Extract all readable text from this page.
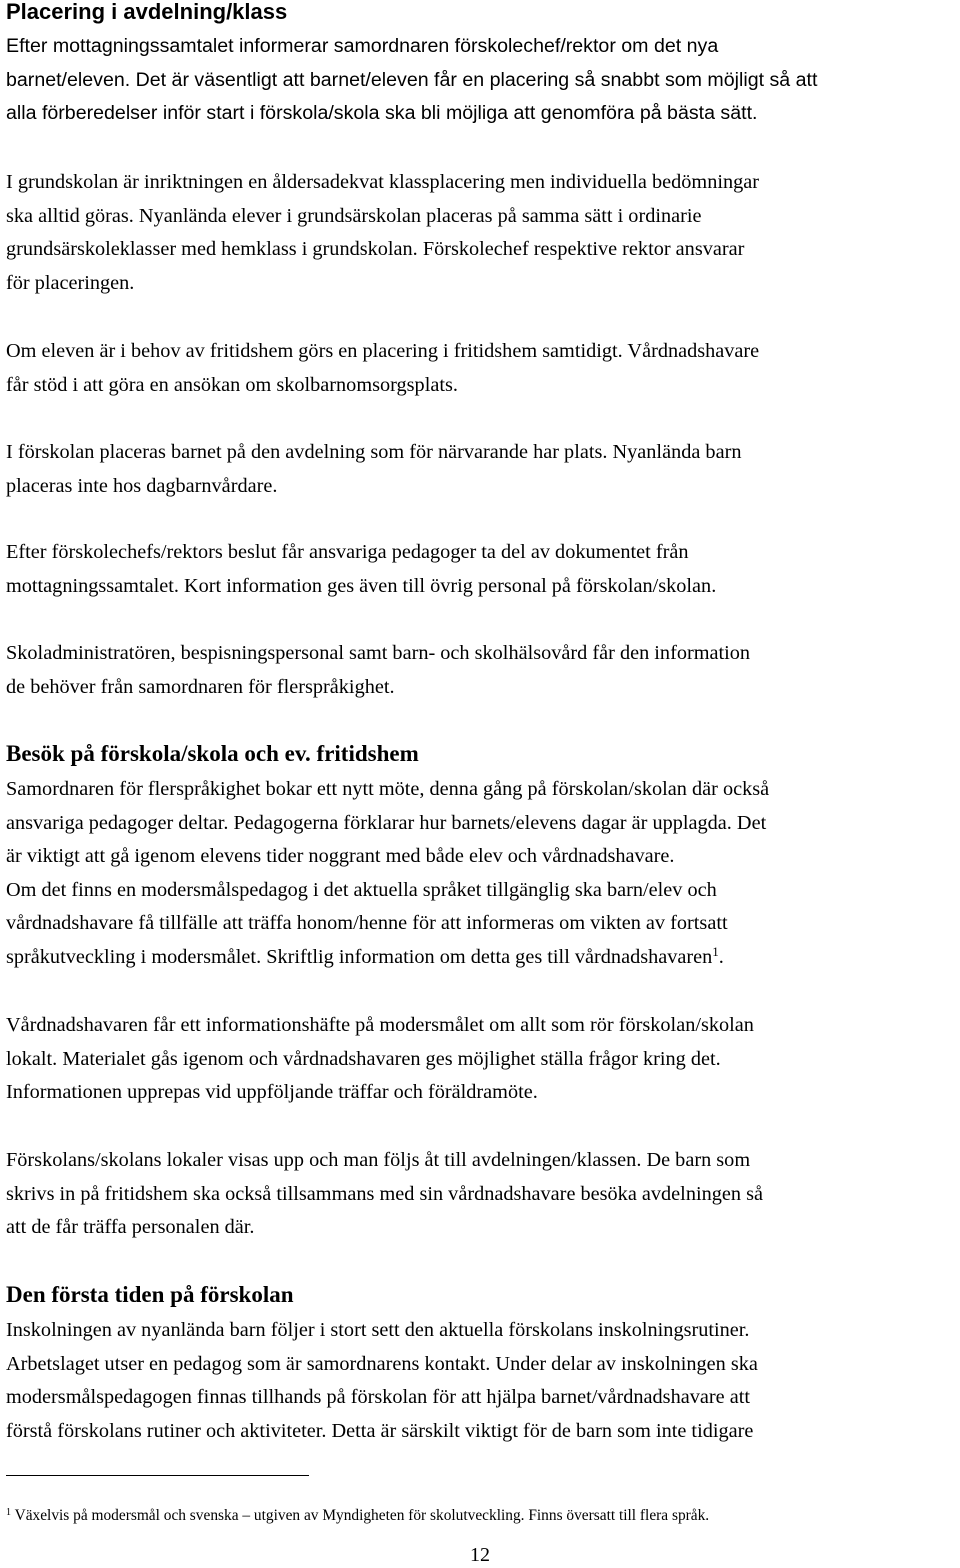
Placering i avdelning/klass

Efter mottagningssamtalet informerar samordnaren förskolechef/rektor om det nya
barnet/eleven. Det är väsentligt att barnet/eleven får en placering så snabbt som möjligt så att
alla förberedelser inför start i förskola/skola ska bli möjliga att genomföra på bästa sätt.

I grundskolan är inriktningen en åldersadekvat klassplacering men individuella bedömningar
ska alltid göras. Nyanlända elever i grundsärskolan placeras på samma sätt i ordinarie
grundsärskoleklasser med hemklass i grundskolan. Förskolechef respektive rektor ansvarar
för placeringen.

Om eleven är i behov av fritidshem görs en placering i fritidshem samtidigt. Vårdnadshavare
får stöd i att göra en ansökan om skolbarnomsorgsplats.

I förskolan placeras barnet på den avdelning som för närvarande har plats. Nyanlända barn
placeras inte hos dagbarnvårdare.

Efter förskolechefs/rektors beslut får ansvariga pedagoger ta del av dokumentet från
mottagningssamtalet. Kort information ges även till övrig personal på förskolan/skolan.

Skoladministratören, bespisningspersonal samt barn- och skolhälsovård får den information
de behöver från samordnaren för flerspråkighet.

Besök på förskola/skola och ev. fritidshem

Samordnaren för flerspråkighet bokar ett nytt möte, denna gång på förskolan/skolan där också
ansvariga pedagoger deltar. Pedagogerna förklarar hur barnets/elevens dagar är upplagda. Det
är viktigt att gå igenom elevens tider noggrant med både elev och vårdnadshavare.
Om det finns en modersmålspedagog i det aktuella språket tillgänglig ska barn/elev och
vårdnadshavare få tillfälle att träffa honom/henne för att informeras om vikten av fortsatt
språkutveckling i modersmålet. Skriftlig information om detta ges till vårdnadshavaren$^1$.

Vårdnadshavaren får ett informationshäfte på modersmålet om allt som rör förskolan/skolan
lokalt. Materialet gås igenom och vårdnadshavaren ges möjlighet ställa frågor kring det.
Informationen upprepas vid uppföljande träffar och föräldramöte.

Förskolans/skolans lokaler visas upp och man följs åt till avdelningen/klassen. De barn som
skrivs in på fritidshem ska också tillsammans med sin vårdnadshavare besöka avdelningen så
att de får träffa personalen där.

Den första tiden på förskolan

Inskolningen av nyanlända barn följer i stort sett den aktuella förskolans inskolningsrutiner.
Arbetslaget utser en pedagog som är samordnarens kontakt. Under delar av inskolningen ska
modersmålspedagogen finnas tillhands på förskolan för att hjälpa barnet/vårdnadshavare att
förstå förskolans rutiner och aktiviteter. Detta är särskilt viktigt för de barn som inte tidigare

$^1$ Växelvis på modersmål och svenska – utgiven av Myndigheten för skolutveckling. Finns översatt till flera språk.

12
